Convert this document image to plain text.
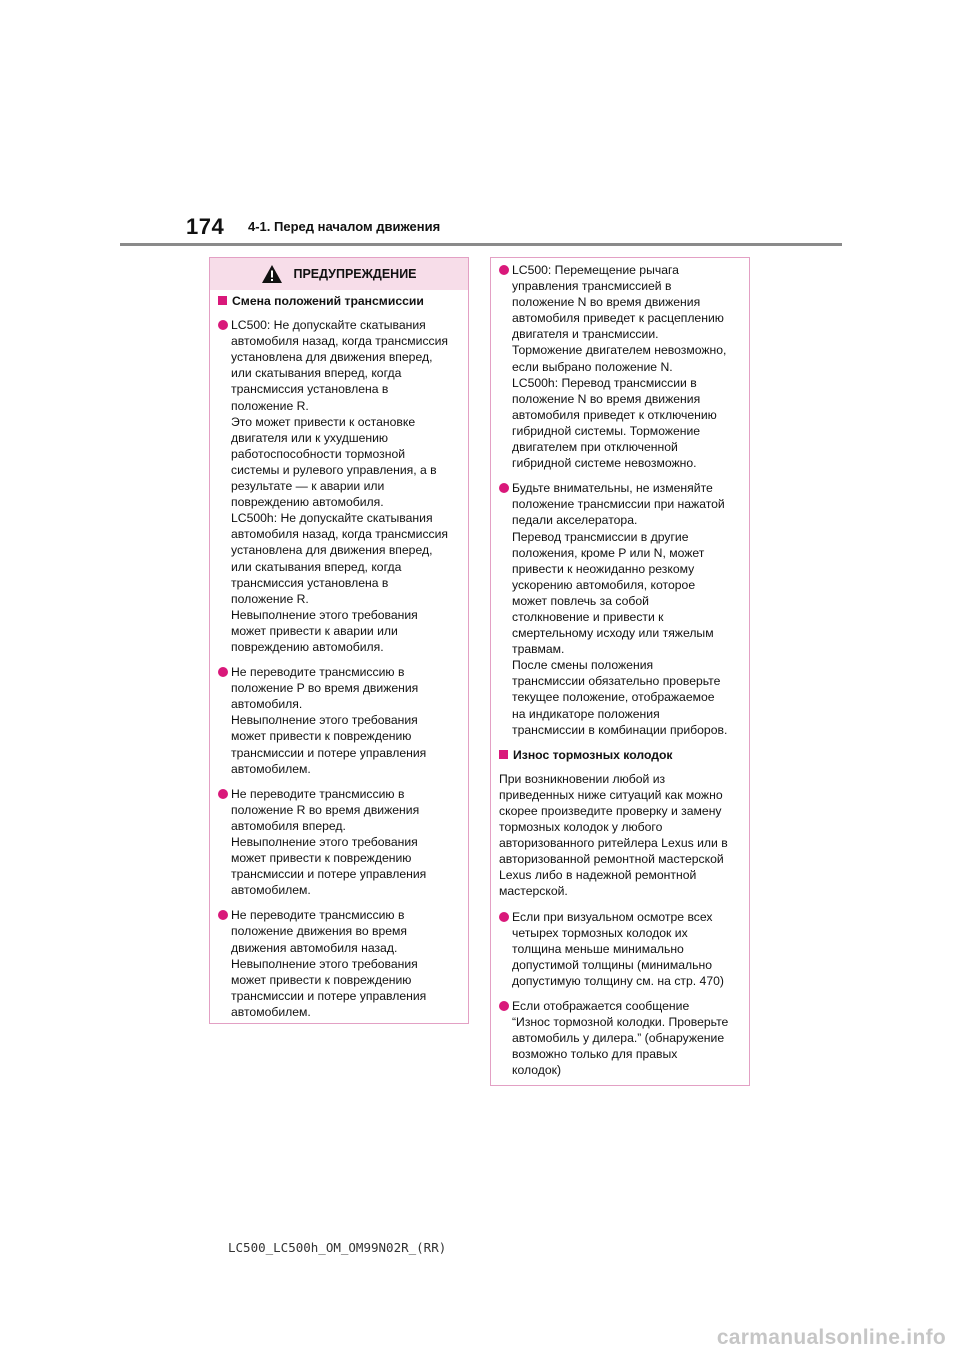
174 4-1. Перед началом движения
ПРЕДУПРЕЖДЕНИЕ
Смена положений трансмиссии
LC500: Не допускайте скатывания
автомобиля назад, когда трансмиссия
установлена для движения вперед,
или скатывания вперед, когда
трансмиссия установлена в
положение R.
Это может привести к остановке
двигателя или к ухудшению
работоспособности тормозной
системы и рулевого управления, а в
результате — к аварии или
повреждению автомобиля.
LC500h: Не допускайте скатывания
автомобиля назад, когда трансмиссия
установлена для движения вперед,
или скатывания вперед, когда
трансмиссия установлена в
положение R.
Невыполнение этого требования
может привести к аварии или
повреждению автомобиля.
Не переводите трансмиссию в
положение P во время движения
автомобиля.
Невыполнение этого требования
может привести к повреждению
трансмиссии и потере управления
автомобилем.
Не переводите трансмиссию в
положение R во время движения
автомобиля вперед.
Невыполнение этого требования
может привести к повреждению
трансмиссии и потере управления
автомобилем.
Не переводите трансмиссию в
положение движения во время
движения автомобиля назад.
Невыполнение этого требования
может привести к повреждению
трансмиссии и потере управления
автомобилем.
LC500: Перемещение рычага
управления трансмиссией в
положение N во время движения
автомобиля приведет к расцеплению
двигателя и трансмиссии.
Торможение двигателем невозможно,
если выбрано положение N.
LC500h: Перевод трансмиссии в
положение N во время движения
автомобиля приведет к отключению
гибридной системы. Торможение
двигателем при отключенной
гибридной системе невозможно.
Будьте внимательны, не изменяйте
положение трансмиссии при нажатой
педали акселератора.
Перевод трансмиссии в другие
положения, кроме P или N, может
привести к неожиданно резкому
ускорению автомобиля, которое
может повлечь за собой
столкновение и привести к
смертельному исходу или тяжелым
травмам.
После смены положения
трансмиссии обязательно проверьте
текущее положение, отображаемое
на индикаторе положения
трансмиссии в комбинации приборов.
Износ тормозных колодок
При возникновении любой из
приведенных ниже ситуаций как можно
скорее произведите проверку и замену
тормозных колодок у любого
авторизованного ритейлера Lexus или в
авторизованной ремонтной мастерской
Lexus либо в надежной ремонтной
мастерской.
Если при визуальном осмотре всех
четырех тормозных колодок их
толщина меньше минимально
допустимой толщины (минимально
допустимую толщину см. на стр. 470)
Если отображается сообщение
“Износ тормозной колодки. Проверьте
автомобиль у дилера.” (обнаружение
возможно только для правых
колодок)
LC500_LC500h_OM_OM99N02R_(RR)
carmanualsonline.info
